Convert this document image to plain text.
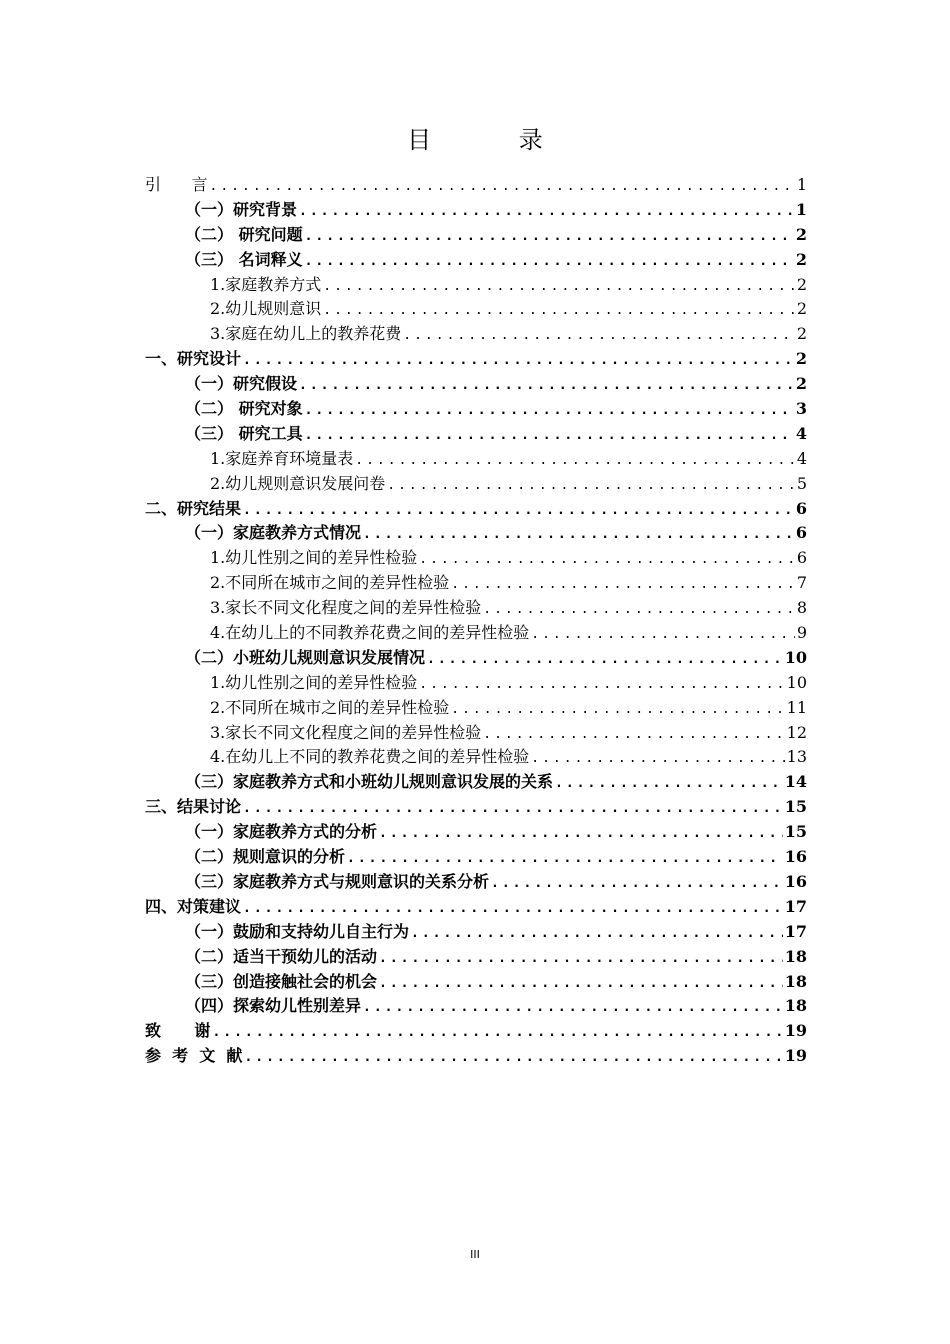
目 录
引      言 .....	1
（一）研究背景 .....	1
（二） 研究问题 .....	2
（三） 名词释义 .....	2
1.家庭教养方式 .....	2
2.幼儿规则意识 .....	2
3.家庭在幼儿上的教养花费 .....	2
一、研究设计 .....	2
（一）研究假设 .....	2
（二） 研究对象 .....	3
（三） 研究工具 .....	4
1.家庭养育环境量表 .....	4
2.幼儿规则意识发展问卷 .....	5
二、研究结果 .....	6
（一）家庭教养方式情况 .....	6
1.幼儿性别之间的差异性检验 .....	6
2.不同所在城市之间的差异性检验 .....	7
3.家长不同文化程度之间的差异性检验 .....	8
4.在幼儿上的不同教养花费之间的差异性检验 .....	9
（二）小班幼儿规则意识发展情况 .....	10
1.幼儿性别之间的差异性检验 .....	10
2.不同所在城市之间的差异性检验 .....	11
3.家长不同文化程度之间的差异性检验 .....	12
4.在幼儿上不同的教养花费之间的差异性检验 .....	13
（三）家庭教养方式和小班幼儿规则意识发展的关系 .....	14
三、结果讨论 .....	15
（一）家庭教养方式的分析 .....	15
（二）规则意识的分析 .....	16
（三）家庭教养方式与规则意识的关系分析 .....	16
四、对策建议 .....	17
（一）鼓励和支持幼儿自主行为 .....	17
（二）适当干预幼儿的活动 .....	18
（三）创造接触社会的机会 .....	18
（四）探索幼儿性别差异 .....	18
致      谢 .....	19
参  考  文  献 .....	19
III
